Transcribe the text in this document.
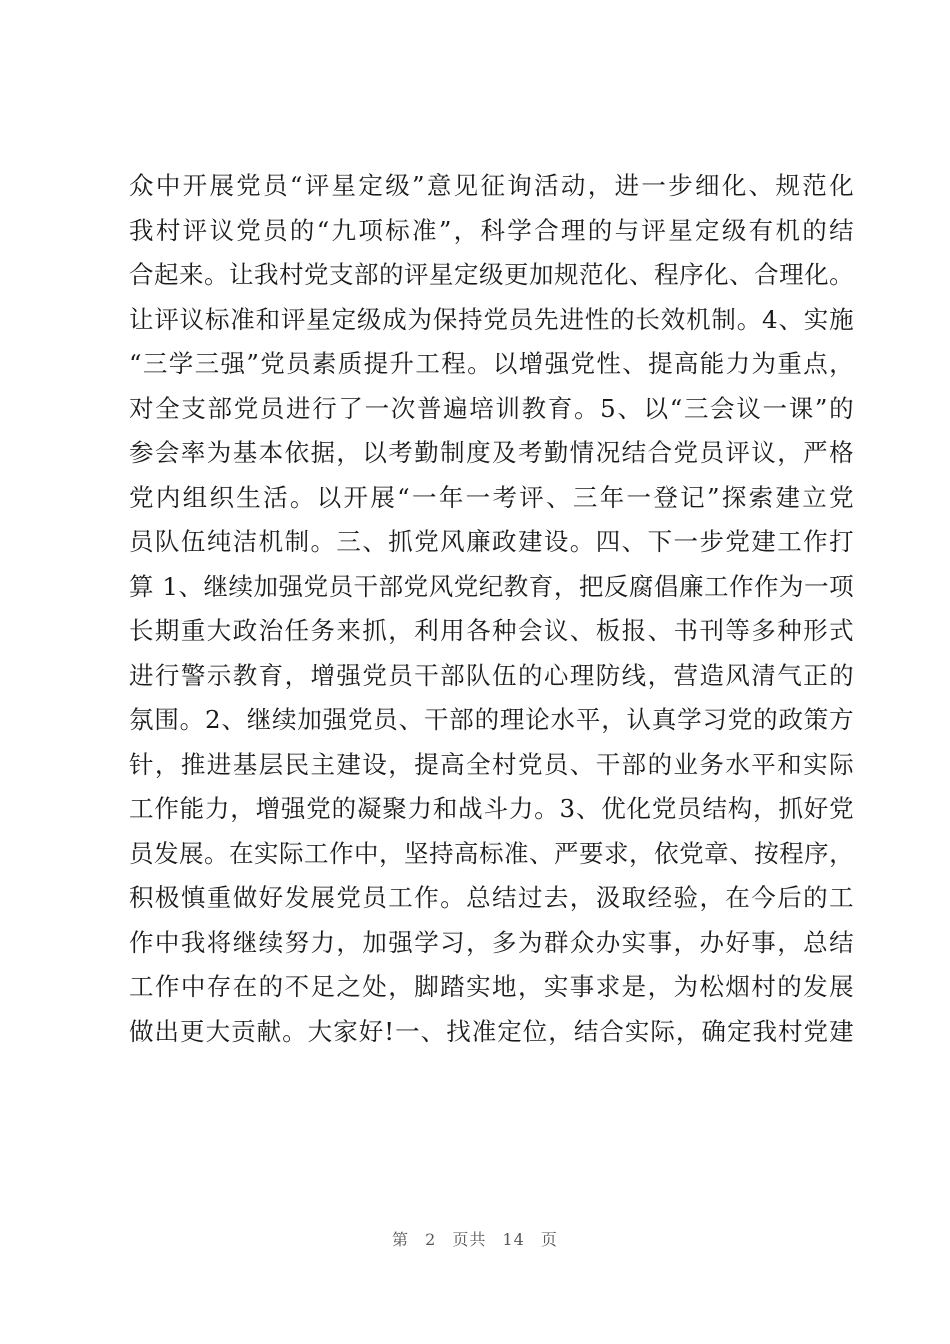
众中开展党员“评星定级”意见征询活动，进一步细化、规范化
我村评议党员的“九项标准”，科学合理的与评星定级有机的结
合起来。让我村党支部的评星定级更加规范化、程序化、合理化。
让评议标准和评星定级成为保持党员先进性的长效机制。4、实施
“三学三强”党员素质提升工程。以增强党性、提高能力为重点，
对全支部党员进行了一次普遍培训教育。5、以“三会议一课”的
参会率为基本依据，以考勤制度及考勤情况结合党员评议，严格
党内组织生活。以开展“一年一考评、三年一登记”探索建立党
员队伍纯洁机制。三、抓党风廉政建设。四、下一步党建工作打
算 1、继续加强党员干部党风党纪教育，把反腐倡廉工作作为一项
长期重大政治任务来抓，利用各种会议、板报、书刊等多种形式
进行警示教育，增强党员干部队伍的心理防线，营造风清气正的
氛围。2、继续加强党员、干部的理论水平，认真学习党的政策方
针，推进基层民主建设，提高全村党员、干部的业务水平和实际
工作能力，增强党的凝聚力和战斗力。3、优化党员结构，抓好党
员发展。在实际工作中，坚持高标准、严要求，依党章、按程序，
积极慎重做好发展党员工作。总结过去，汲取经验，在今后的工
作中我将继续努力，加强学习，多为群众办实事，办好事，总结
工作中存在的不足之处，脚踏实地，实事求是，为松烟村的发展
做出更大贡献。大家好!一、找准定位，结合实际，确定我村党建
第 2 页共 14 页
